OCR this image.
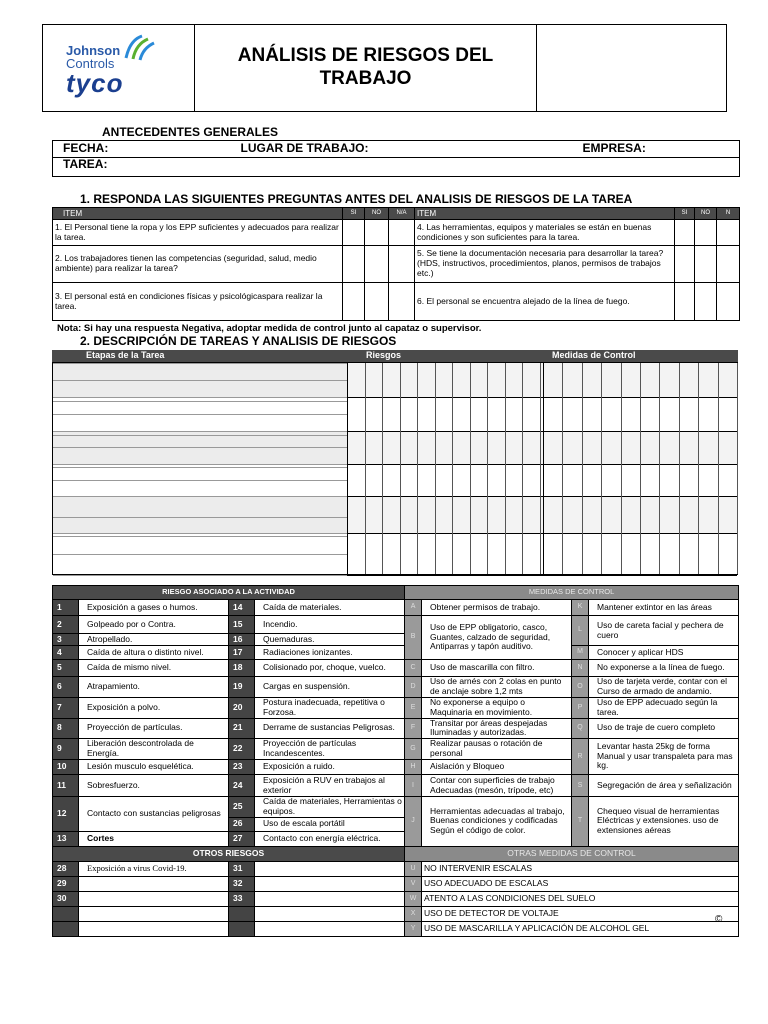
Johnson
Controls
tyco
ANÁLISIS DE RIESGOS DEL TRABAJO
ANTECEDENTES GENERALES
FECHA:	LUGAR DE TRABAJO:	EMPRESA:
TAREA:
1. RESPONDA LAS SIGUIENTES PREGUNTAS ANTES DEL ANALISIS DE RIESGOS DE LA TAREA
ITEM	SI	NO	N/A	ITEM	SI	NO	N
1. El Personal tiene la ropa y los EPP suficientes y adecuados para realizar la tarea.				4. Las herramientas, equipos y materiales se están en buenas condiciones y son suficientes para la tarea.			
2. Los trabajadores tienen las competencias (seguridad, salud, medio ambiente) para realizar la tarea?				5. Se tiene la documentación necesaria para desarrollar la tarea? (HDS, instructivos, procedimientos, planos, permisos de trabajos etc.)			
3. El personal está en condiciones físicas y psicológicaspara realizar la tarea.				6. El personal se encuentra alejado de la línea de fuego.			
Nota: Si hay una respuesta Negativa, adoptar medida de control junto al capataz o supervisor.
2. DESCRIPCIÓN DE TAREAS Y ANALISIS DE RIESGOS
Etapas de la Tarea	Riesgos	Medidas de Control
RIESGO ASOCIADO A LA ACTIVIDAD				MEDIDAS DE CONTROL			
1	Exposición a gases o humos.	14	Caída de materiales.	A	Obtener permisos de trabajo.	K	Mantener extintor en las áreas
2	Golpeado por o Contra.	15	Incendio.	B	Uso de EPP obligatorio, casco, Guantes, calzado de seguridad, Antiparras y tapón auditivo.	L	Uso de careta facial y pechera de cuero
3	Atropellado.	16	Quemaduras.				
4	Caída de altura o distinto nivel.	17	Radiaciones ionizantes.			M	Conocer y aplicar HDS
5	Caída de mismo nivel.	18	Colisionado por, choque, vuelco.	C	Uso de mascarilla con filtro.	N	No exponerse a la línea de fuego.
6	Atrapamiento.	19	Cargas en suspensión.	D	Uso de arnés con 2 colas en punto de anclaje sobre 1,2 mts	O	Uso de tarjeta verde, contar con el Curso de armado de andamio.
7	Exposición a polvo.	20	Postura inadecuada, repetitiva o Forzosa.	E	No exponerse a equipo o Maquinaria en movimiento.	P	Uso de EPP adecuado según la tarea.
8	Proyección de partículas.	21	Derrame de sustancias Peligrosas.	F	Transitar por áreas despejadas Iluminadas y autorizadas.	Q	Uso de traje de cuero completo
9	Liberación descontrolada de Energía.	22	Proyección de partículas Incandescentes.	G	Realizar pausas o rotación de personal	R	Levantar hasta 25kg de forma Manual y usar transpaleta para mas kg.
10	Lesión musculo esquelética.	23	Exposición a ruido.	H	Aislación y Bloqueo		
11	Sobresfuerzo.	24	Exposición a RUV en trabajos al exterior	I	Contar con superficies de trabajo Adecuadas (mesón, trípode, etc)	S	Segregación de área y señalización
12	Contacto con sustancias peligrosas	25	Caída de materiales, Herramientas o equipos.	J	Herramientas adecuadas al trabajo, Buenas condiciones y codificadas Según el código de color.	T	Chequeo visual de herramientas Eléctricas y extensiones. uso de extensiones aéreas
		26	Uso de escala portátil				
13	Cortes	27	Contacto con energía eléctrica.				
OTROS RIESGOS				OTRAS MEDIDAS DE CONTROL			
28	Exposición a virus Covid-19.	31		U	NO INTERVENIR ESCALAS		
29		32		V	USO ADECUADO DE ESCALAS		
30		33		W	ATENTO A LAS CONDICIONES DEL SUELO		
				X	USO DE DETECTOR DE VOLTAJE		
				Y	USO DE MASCARILLA Y APLICACIÓN DE ALCOHOL GEL		
©
